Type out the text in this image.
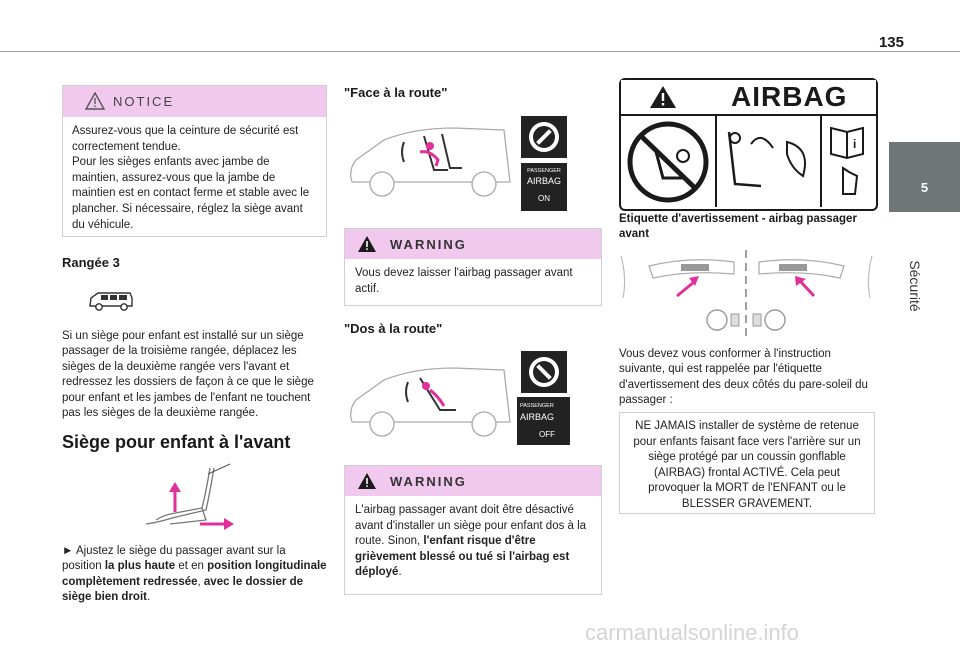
135
5
Sécurité
NOTICE
Assurez-vous que la ceinture de sécurité est correctement tendue.
Pour les sièges enfants avec jambe de maintien, assurez-vous que la jambe de maintien est en contact ferme et stable avec le plancher. Si nécessaire, réglez la siège avant du véhicule.
Rangée 3
Si un siège pour enfant est installé sur un siège passager de la troisième rangée, déplacez les sièges de la deuxième rangée vers l'avant et redressez les dossiers de façon à ce que le siège pour enfant et les jambes de l'enfant ne touchent pas les sièges de la deuxième rangée.
Siège pour enfant à l'avant
► Ajustez le siège du passager avant sur la position la plus haute et en position longitudinale complètement redressée, avec le dossier de siège bien droit.
"Face à la route"
PASSENGER
AIRBAG
ON
WARNING
Vous devez laisser l'airbag passager avant actif.
"Dos à la route"
PASSENGER
AIRBAG
OFF
WARNING
L'airbag passager avant doit être désactivé avant d'installer un siège pour enfant dos à la route. Sinon, l'enfant risque d'être grièvement blessé ou tué si l'airbag est déployé.
AIRBAG
i
Etiquette d'avertissement - airbag passager avant
Vous devez vous conformer à l'instruction suivante, qui est rappelée par l'étiquette d'avertissement des deux côtés du pare-soleil du passager :
NE JAMAIS installer de système de retenue pour enfants faisant face vers l'arrière sur un siège protégé par un coussin gonflable (AIRBAG) frontal ACTIVÉ. Cela peut provoquer la MORT de l'ENFANT ou le BLESSER GRAVEMENT.
carmanualsonline.info
